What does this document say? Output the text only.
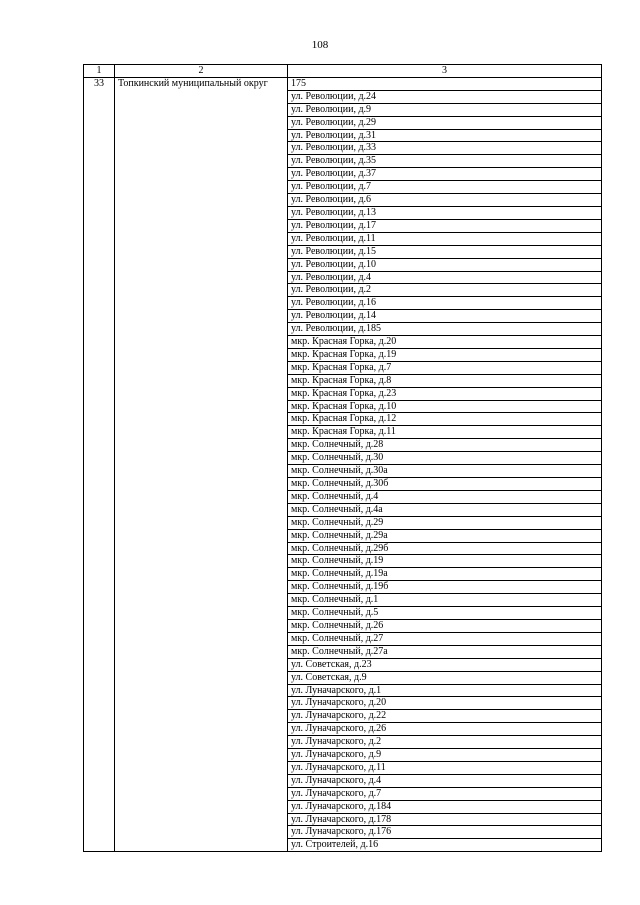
108
1	2	3
33	Топкинский муниципальный округ	175
		ул. Революции, д.24
		ул. Революции, д.9
		ул. Революции, д.29
		ул. Революции, д.31
		ул. Революции, д.33
		ул. Революции, д.35
		ул. Революции, д.37
		ул. Революции, д.7
		ул. Революции, д.6
		ул. Революции, д.13
		ул. Революции, д.17
		ул. Революции, д.11
		ул. Революции, д.15
		ул. Революции, д.10
		ул. Революции, д.4
		ул. Революции, д.2
		ул. Революции, д.16
		ул. Революции, д.14
		ул. Революции, д.185
		мкр. Красная Горка, д.20
		мкр. Красная Горка, д.19
		мкр. Красная Горка, д.7
		мкр. Красная Горка, д.8
		мкр. Красная Горка, д.23
		мкр. Красная Горка, д.10
		мкр. Красная Горка, д.12
		мкр. Красная Горка, д.11
		мкр. Солнечный, д.28
		мкр. Солнечный, д.30
		мкр. Солнечный, д.30а
		мкр. Солнечный, д.30б
		мкр. Солнечный, д.4
		мкр. Солнечный, д.4а
		мкр. Солнечный, д.29
		мкр. Солнечный, д.29а
		мкр. Солнечный, д.29б
		мкр. Солнечный, д.19
		мкр. Солнечный, д.19а
		мкр. Солнечный, д.19б
		мкр. Солнечный, д.1
		мкр. Солнечный, д.5
		мкр. Солнечный, д.26
		мкр. Солнечный, д.27
		мкр. Солнечный, д.27а
		ул. Советская, д.23
		ул. Советская, д.9
		ул. Луначарского, д.1
		ул. Луначарского, д.20
		ул. Луначарского, д.22
		ул. Луначарского, д.26
		ул. Луначарского, д.2
		ул. Луначарского, д.9
		ул. Луначарского, д.11
		ул. Луначарского, д.4
		ул. Луначарского, д.7
		ул. Луначарского, д.184
		ул. Луначарского, д.178
		ул. Луначарского, д.176
		ул. Строителей, д.16
